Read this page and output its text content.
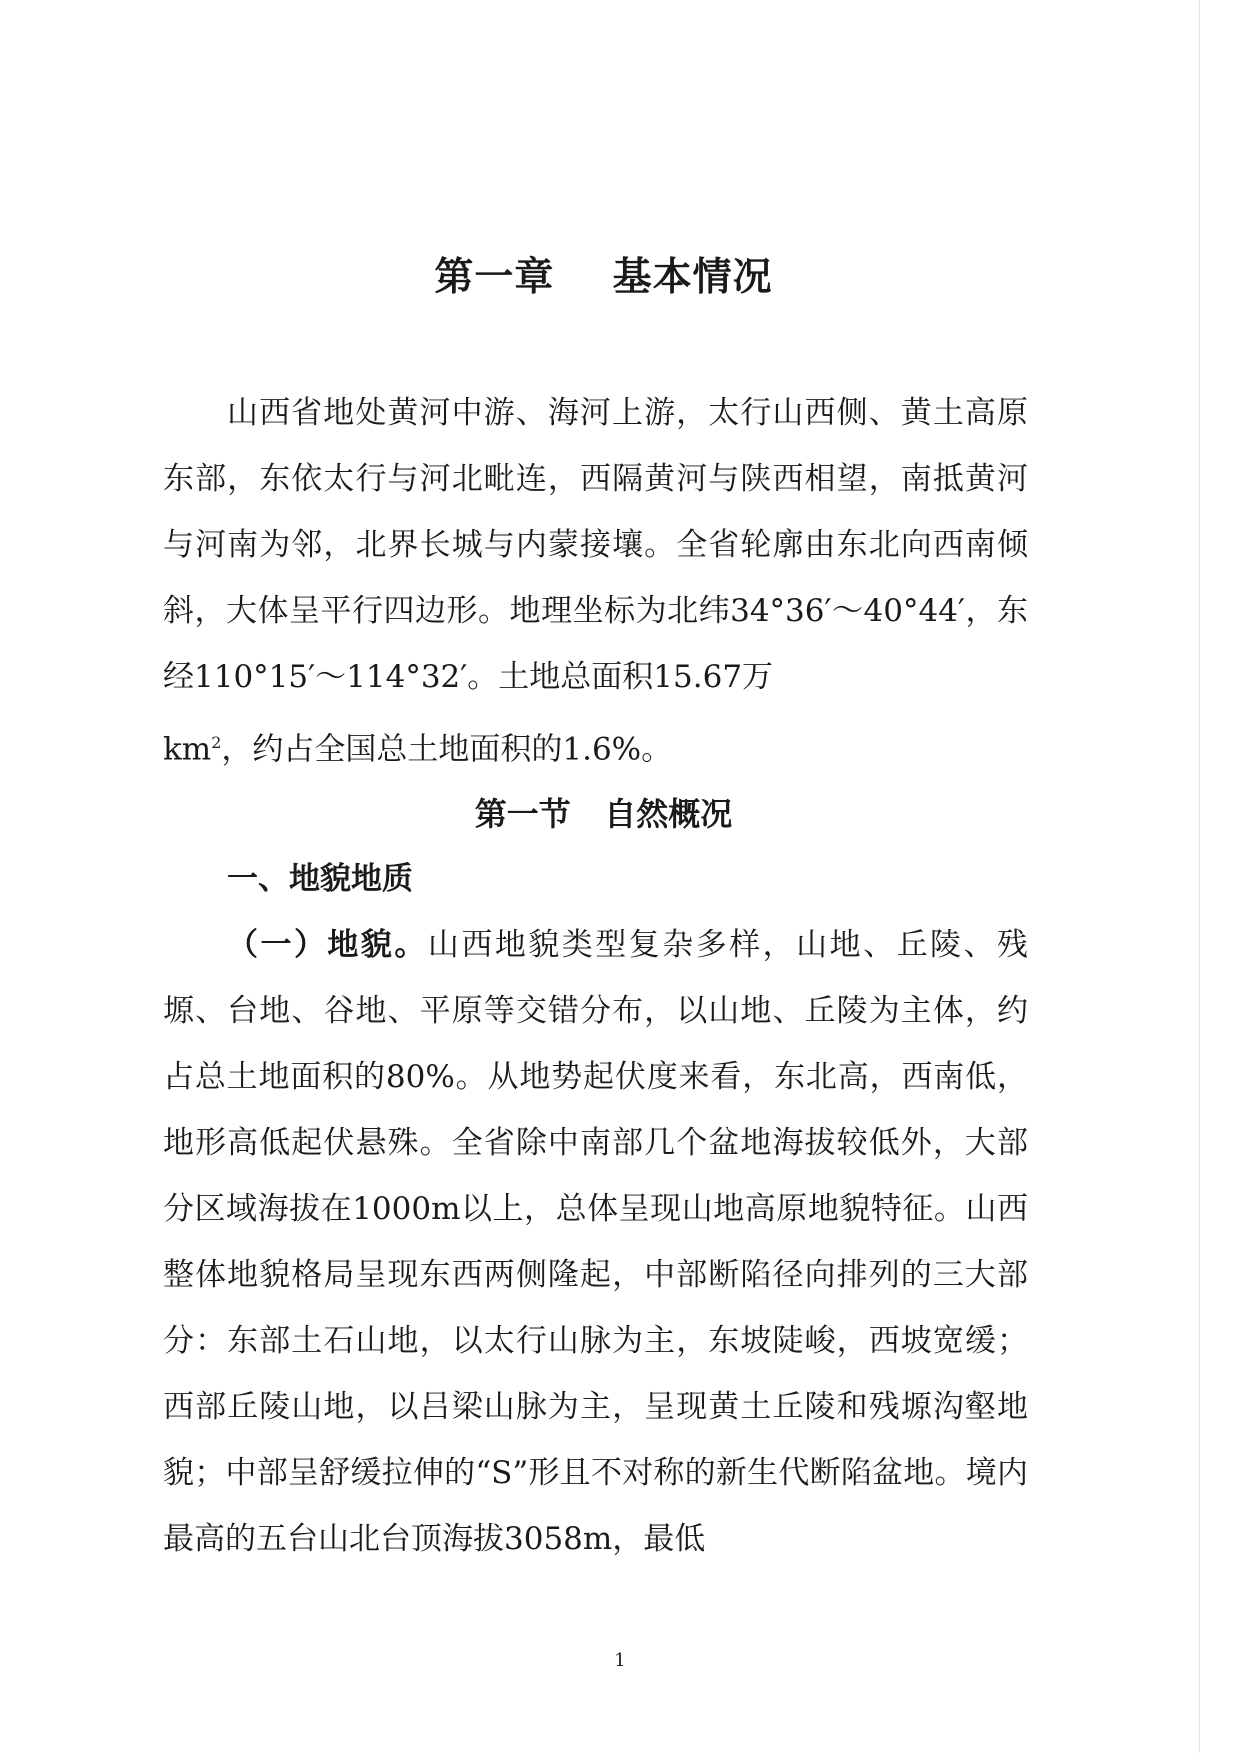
第一章    基本情况

山西省地处黄河中游、海河上游，太行山西侧、黄土高原东部，东依太行与河北毗连，西隔黄河与陕西相望，南抵黄河与河南为邻，北界长城与内蒙接壤。全省轮廓由东北向西南倾斜，大体呈平行四边形。地理坐标为北纬34°36′～40°44′，东经110°15′～114°32′。土地总面积15.67万
$km^2$，约占全国总土地面积的1.6%。

第一节   自然概况
一、地貌地质

（一）地貌。山西地貌类型复杂多样，山地、丘陵、残塬、台地、谷地、平原等交错分布，以山地、丘陵为主体，约占总土地面积的80%。从地势起伏度来看，东北高，西南低，地形高低起伏悬殊。全省除中南部几个盆地海拔较低外，大部分区域海拔在1000m以上，总体呈现山地高原地貌特征。山西整体地貌格局呈现东西两侧隆起，中部断陷径向排列的三大部分：东部土石山地，以太行山脉为主，东坡陡峻，西坡宽缓；西部丘陵山地，以吕梁山脉为主，呈现黄土丘陵和残塬沟壑地貌；中部呈舒缓拉伸的“S”形且不对称的新生代断陷盆地。境内最高的五台山北台顶海拔3058m，最低

1
